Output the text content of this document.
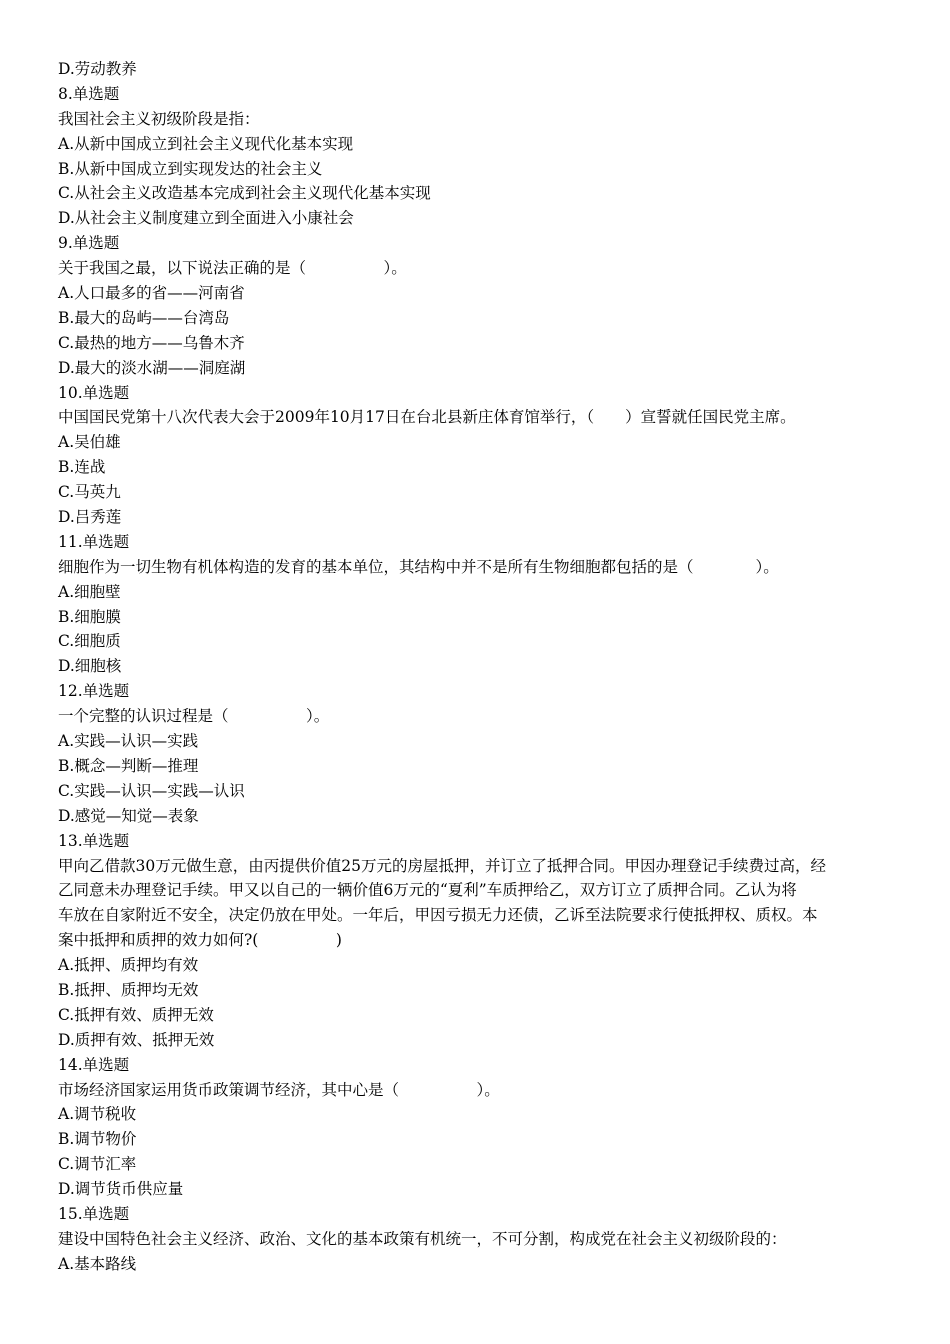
D.劳动教养
8.单选题
我国社会主义初级阶段是指：
A.从新中国成立到社会主义现代化基本实现
B.从新中国成立到实现发达的社会主义
C.从社会主义改造基本完成到社会主义现代化基本实现
D.从社会主义制度建立到全面进入小康社会
9.单选题
关于我国之最，以下说法正确的是（　　　　　）。
A.人口最多的省——河南省
B.最大的岛屿——台湾岛
C.最热的地方——乌鲁木齐
D.最大的淡水湖——洞庭湖
10.单选题
中国国民党第十八次代表大会于2009年10月17日在台北县新庄体育馆举行，（　　）宣誓就任国民党主席。
A.吴伯雄
B.连战
C.马英九
D.吕秀莲
11.单选题
细胞作为一切生物有机体构造的发育的基本单位，其结构中并不是所有生物细胞都包括的是（　　　　）。
A.细胞壁
B.细胞膜
C.细胞质
D.细胞核
12.单选题
一个完整的认识过程是（　　　　　）。
A.实践—认识—实践
B.概念—判断—推理
C.实践—认识—实践—认识
D.感觉—知觉—表象
13.单选题
甲向乙借款30万元做生意，由丙提供价值25万元的房屋抵押，并订立了抵押合同。甲因办理登记手续费过高，经
乙同意未办理登记手续。甲又以自己的一辆价值6万元的“夏利”车质押给乙，双方订立了质押合同。乙认为将
车放在自家附近不安全，决定仍放在甲处。一年后，甲因亏损无力还债，乙诉至法院要求行使抵押权、质权。本
案中抵押和质押的效力如何?(　　　　　)
A.抵押、质押均有效
B.抵押、质押均无效
C.抵押有效、质押无效
D.质押有效、抵押无效
14.单选题
市场经济国家运用货币政策调节经济，其中心是（　　　　　）。
A.调节税收
B.调节物价
C.调节汇率
D.调节货币供应量
15.单选题
建设中国特色社会主义经济、政治、文化的基本政策有机统一，不可分割，构成党在社会主义初级阶段的：
A.基本路线
